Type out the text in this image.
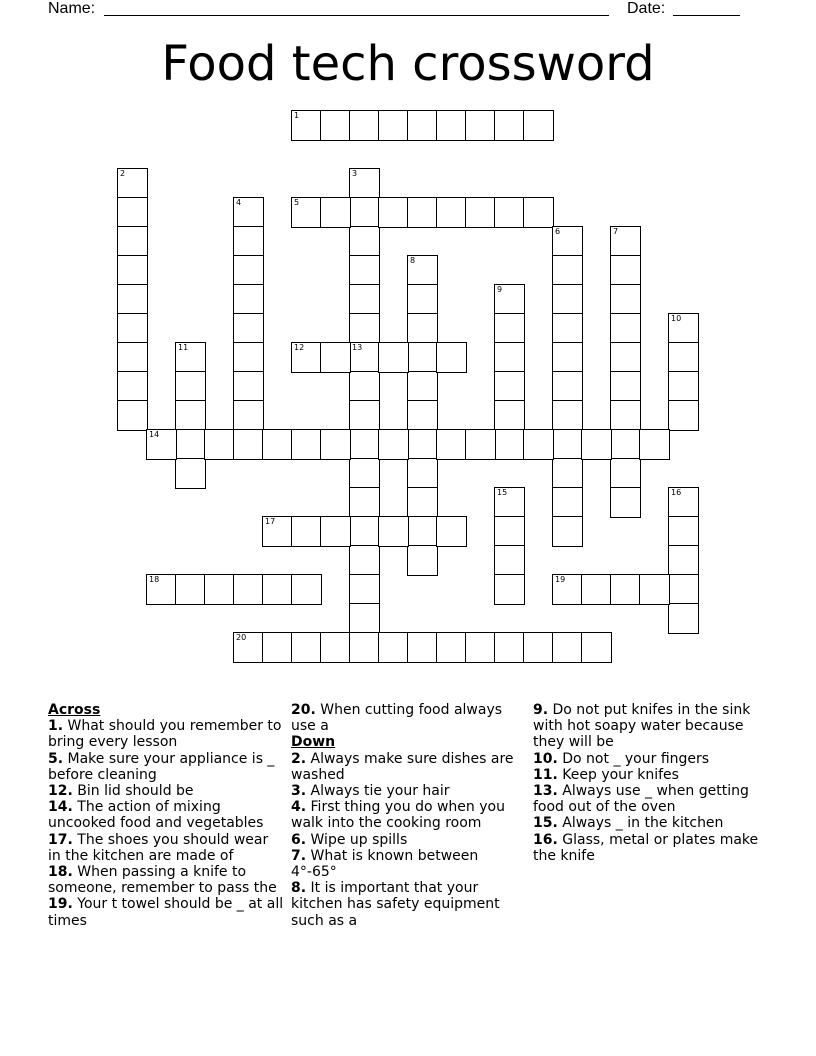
Name:	Date:
Food tech crossword
1
2	3
13
4	5
6	7
8
9
10
11	12
14
15	16
17
18	19
20
Across
1. What should you remember to bring every lesson
5. Make sure your appliance is _ before cleaning
12. Bin lid should be
14. The action of mixing uncooked food and vegetables
17. The shoes you should wear in the kitchen are made of
18. When passing a knife to someone, remember to pass the
19. Your t towel should be _ at all times
20. When cutting food always use a
Down
2. Always make sure dishes are washed
3. Always tie your hair
4. First thing you do when you walk into the cooking room
6. Wipe up spills
7. What is known between 4°-65°
8. It is important that your kitchen has safety equipment such as a
9. Do not put knifes in the sink with hot soapy water because they will be
10. Do not _ your fingers
11. Keep your knifes
13. Always use _ when getting food out of the oven
15. Always _ in the kitchen
16. Glass, metal or plates make the knife
